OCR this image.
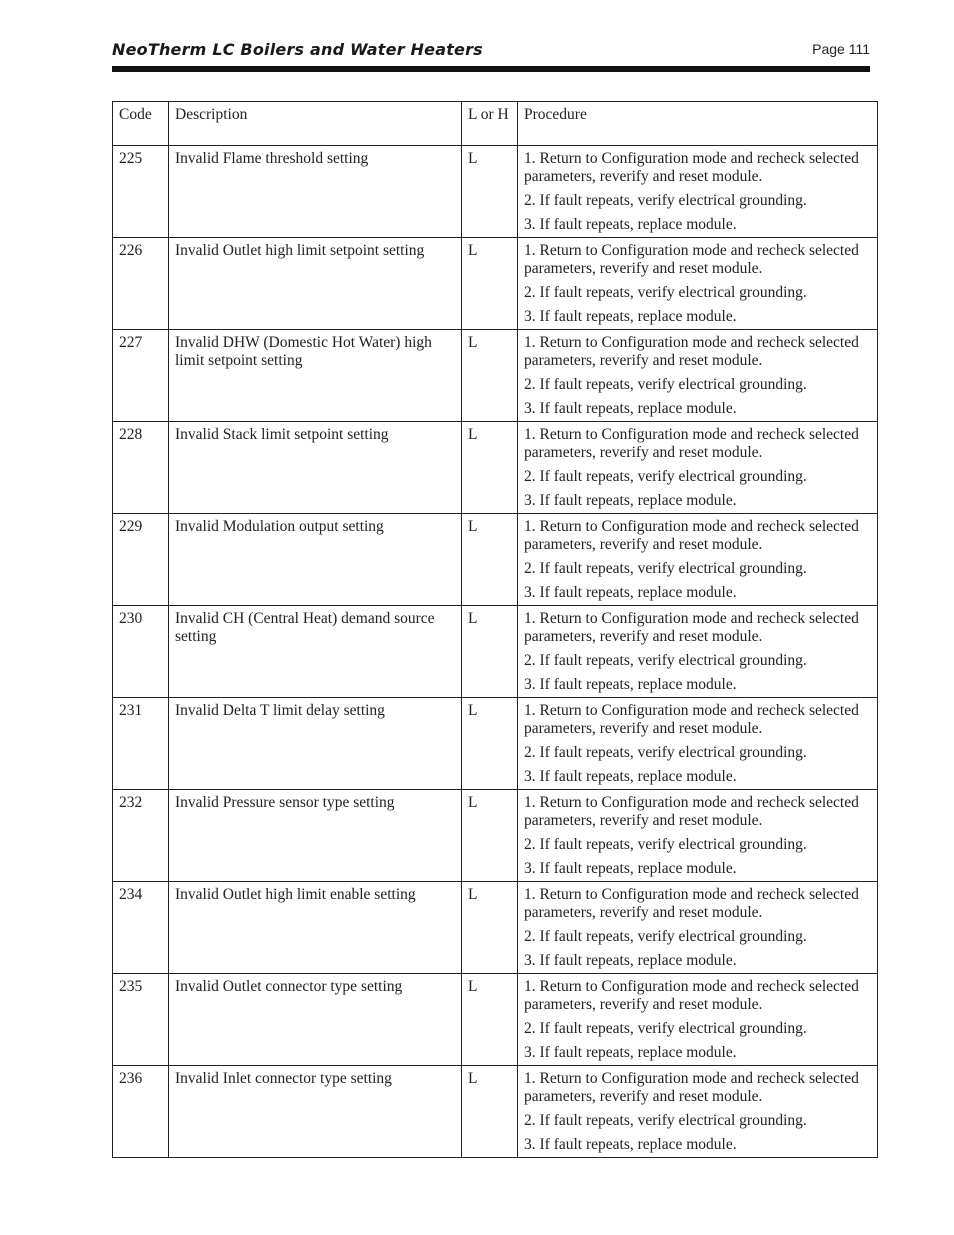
NeoTherm LC Boilers and Water Heaters	Page 111
Code	Description	L or H	Procedure
225	Invalid Flame threshold setting	L	1. Return to Configuration mode and recheck selected parameters, reverify and reset module.

2. If fault repeats, verify electrical grounding.

3. If fault repeats, replace module.

226	Invalid Outlet high limit setpoint setting	L	1. Return to Configuration mode and recheck selected parameters, reverify and reset module.

2. If fault repeats, verify electrical grounding.

3. If fault repeats, replace module.

227	Invalid DHW (Domestic Hot Water) high limit setpoint setting	L	1. Return to Configuration mode and recheck selected parameters, reverify and reset module.

2. If fault repeats, verify electrical grounding.

3. If fault repeats, replace module.

228	Invalid Stack limit setpoint setting	L	1. Return to Configuration mode and recheck selected parameters, reverify and reset module.

2. If fault repeats, verify electrical grounding.

3. If fault repeats, replace module.

229	Invalid Modulation output setting	L	1. Return to Configuration mode and recheck selected parameters, reverify and reset module.

2. If fault repeats, verify electrical grounding.

3. If fault repeats, replace module.

230	Invalid CH (Central Heat) demand source setting	L	1. Return to Configuration mode and recheck selected parameters, reverify and reset module.

2. If fault repeats, verify electrical grounding.

3. If fault repeats, replace module.

231	Invalid Delta T limit delay setting	L	1. Return to Configuration mode and recheck selected parameters, reverify and reset module.

2. If fault repeats, verify electrical grounding.

3. If fault repeats, replace module.

232	Invalid Pressure sensor type setting	L	1. Return to Configuration mode and recheck selected parameters, reverify and reset module.

2. If fault repeats, verify electrical grounding.

3. If fault repeats, replace module.

234	Invalid Outlet high limit enable setting	L	1. Return to Configuration mode and recheck selected parameters, reverify and reset module.

2. If fault repeats, verify electrical grounding.

3. If fault repeats, replace module.

235	Invalid Outlet connector type setting	L	1. Return to Configuration mode and recheck selected parameters, reverify and reset module.

2. If fault repeats, verify electrical grounding.

3. If fault repeats, replace module.

236	Invalid Inlet connector type setting	L	1. Return to Configuration mode and recheck selected parameters, reverify and reset module.

2. If fault repeats, verify electrical grounding.

3. If fault repeats, replace module.
